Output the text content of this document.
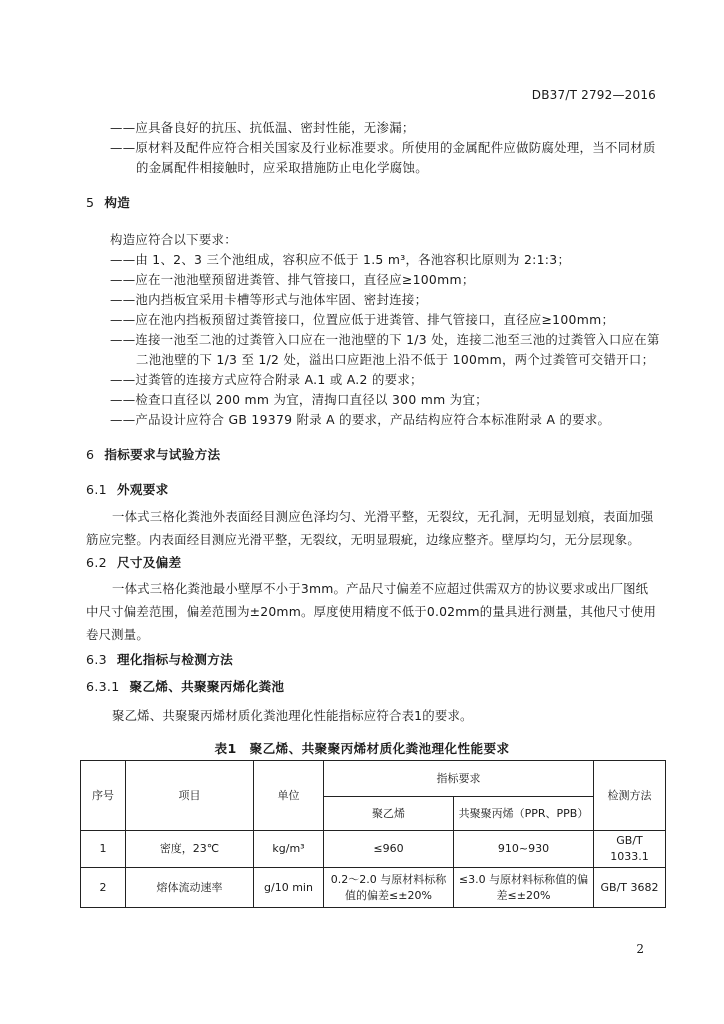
DB37/T 2792—2016
——应具备良好的抗压、抗低温、密封性能，无渗漏；
——原材料及配件应符合相关国家及行业标准要求。所使用的金属配件应做防腐处理，当不同材质
的金属配件相接触时，应采取措施防止电化学腐蚀。
5 构造
构造应符合以下要求：
——由 1、2、3 三个池组成，容积应不低于 1.5 m³，各池容积比原则为 2:1:3；
——应在一池池壁预留进粪管、排气管接口，直径应≥100mm；
——池内挡板宜采用卡槽等形式与池体牢固、密封连接；
——应在池内挡板预留过粪管接口，位置应低于进粪管、排气管接口，直径应≥100mm；
——连接一池至二池的过粪管入口应在一池池壁的下 1/3 处，连接二池至三池的过粪管入口应在第
二池池壁的下 1/3 至 1/2 处，溢出口应距池上沿不低于 100mm，两个过粪管可交错开口；
——过粪管的连接方式应符合附录 A.1 或 A.2 的要求；
——检查口直径以 200 mm 为宜，清掏口直径以 300 mm 为宜；
——产品设计应符合 GB 19379 附录 A 的要求，产品结构应符合本标准附录 A 的要求。
6 指标要求与试验方法
6.1 外观要求
一体式三格化粪池外表面经目测应色泽均匀、光滑平整，无裂纹，无孔洞，无明显划痕，表面加强筋应完整。内表面经目测应光滑平整，无裂纹，无明显瑕疵，边缘应整齐。壁厚均匀，无分层现象。
6.2 尺寸及偏差
一体式三格化粪池最小壁厚不小于3mm。产品尺寸偏差不应超过供需双方的协议要求或出厂图纸中尺寸偏差范围，偏差范围为±20mm。厚度使用精度不低于0.02mm的量具进行测量，其他尺寸使用卷尺测量。
6.3 理化指标与检测方法
6.3.1 聚乙烯、共聚聚丙烯化粪池
聚乙烯、共聚聚丙烯材质化粪池理化性能指标应符合表1的要求。
表1　聚乙烯、共聚聚丙烯材质化粪池理化性能要求
序号	项目	单位	指标要求		检测方法
			聚乙烯	共聚聚丙烯（PPR、PPB）	
1	密度，23℃	kg/m³	≤960	910~930	GB/T 1033.1
2	熔体流动速率	g/10 min	0.2～2.0 与原材料标称值的偏差≤±20%	≤3.0 与原材料标称值的偏差≤±20%	GB/T 3682
2
